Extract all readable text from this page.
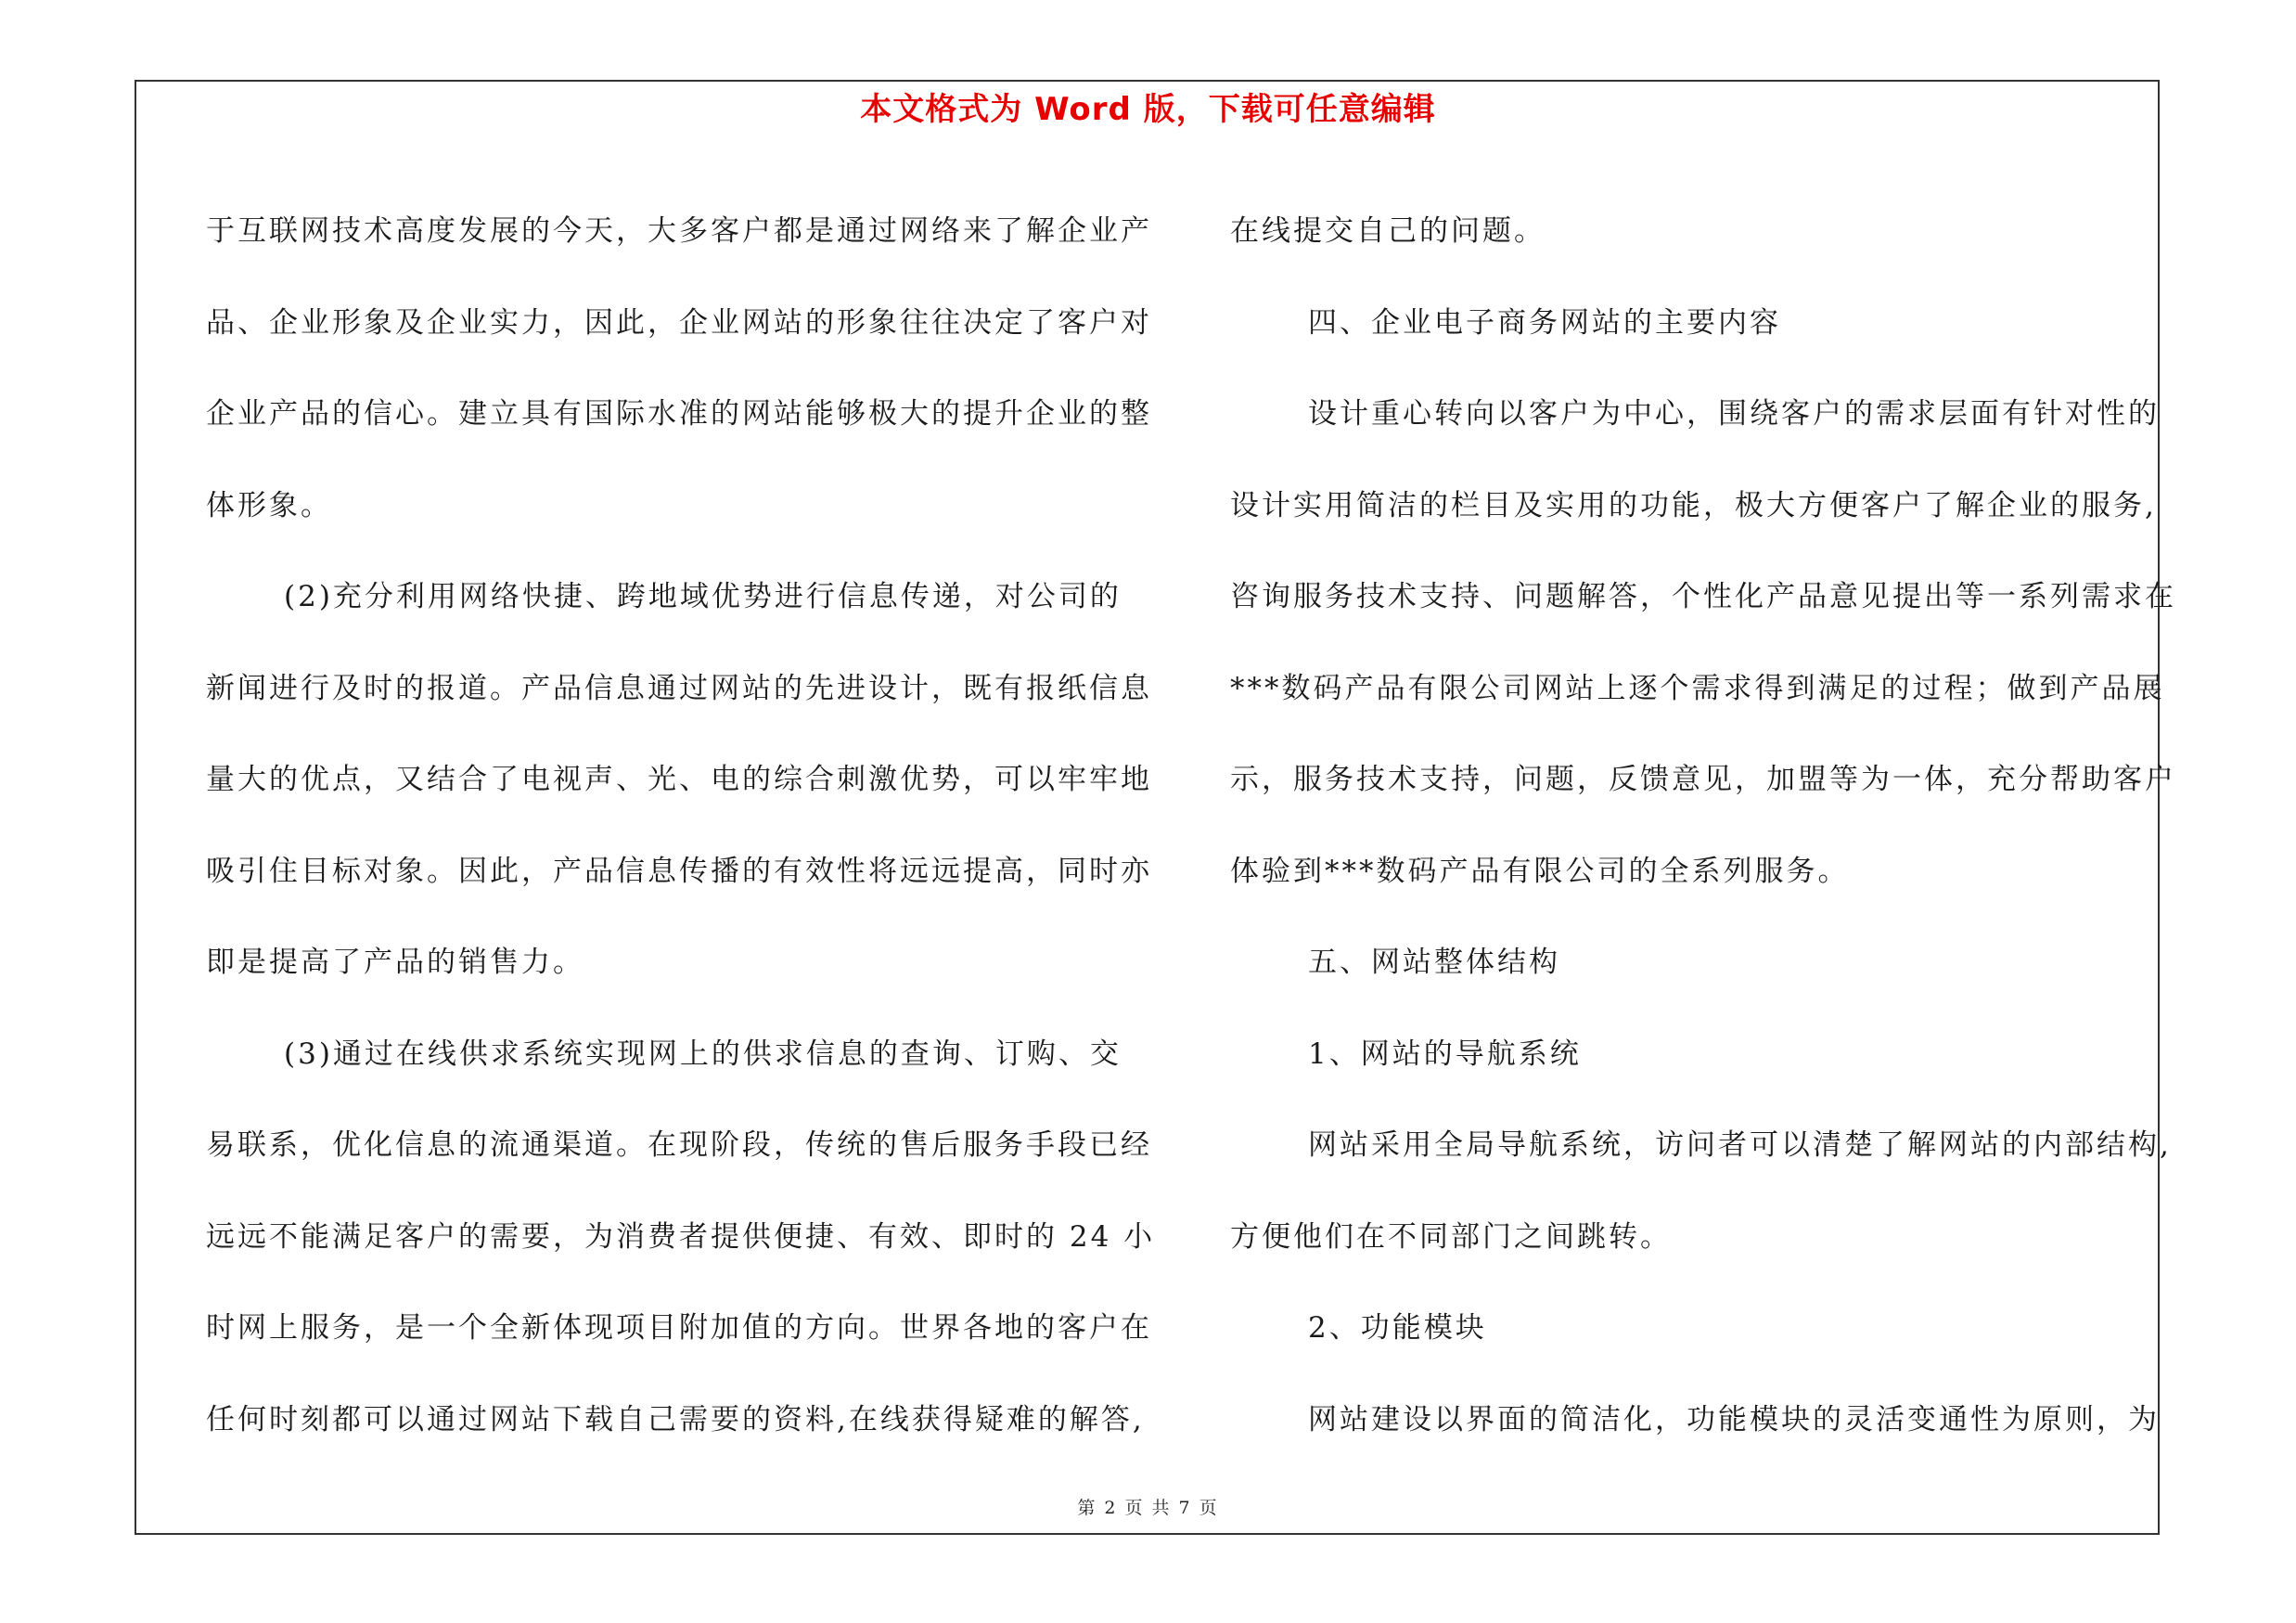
本文格式为 Word 版，下载可任意编辑
于互联网技术高度发展的今天，大多客户都是通过网络来了解企业产
品、企业形象及企业实力，因此，企业网站的形象往往决定了客户对
企业产品的信心。建立具有国际水准的网站能够极大的提升企业的整
体形象。
(2)充分利用网络快捷、跨地域优势进行信息传递，对公司的
新闻进行及时的报道。产品信息通过网站的先进设计，既有报纸信息
量大的优点，又结合了电视声、光、电的综合刺激优势，可以牢牢地
吸引住目标对象。因此，产品信息传播的有效性将远远提高，同时亦
即是提高了产品的销售力。
(3)通过在线供求系统实现网上的供求信息的查询、订购、交
易联系，优化信息的流通渠道。在现阶段，传统的售后服务手段已经
远远不能满足客户的需要，为消费者提供便捷、有效、即时的 24 小
时网上服务，是一个全新体现项目附加值的方向。世界各地的客户在
任何时刻都可以通过网站下载自己需要的资料,在线获得疑难的解答,
在线提交自己的问题。
四、企业电子商务网站的主要内容
设计重心转向以客户为中心，围绕客户的需求层面有针对性的
设计实用简洁的栏目及实用的功能，极大方便客户了解企业的服务,
咨询服务技术支持、问题解答，个性化产品意见提出等一系列需求在
***数码产品有限公司网站上逐个需求得到满足的过程；做到产品展
示，服务技术支持，问题，反馈意见，加盟等为一体，充分帮助客户
体验到***数码产品有限公司的全系列服务。
五、网站整体结构
1、网站的导航系统
网站采用全局导航系统，访问者可以清楚了解网站的内部结构,
方便他们在不同部门之间跳转。
2、功能模块
网站建设以界面的简洁化，功能模块的灵活变通性为原则，为
第 2 页 共 7 页
